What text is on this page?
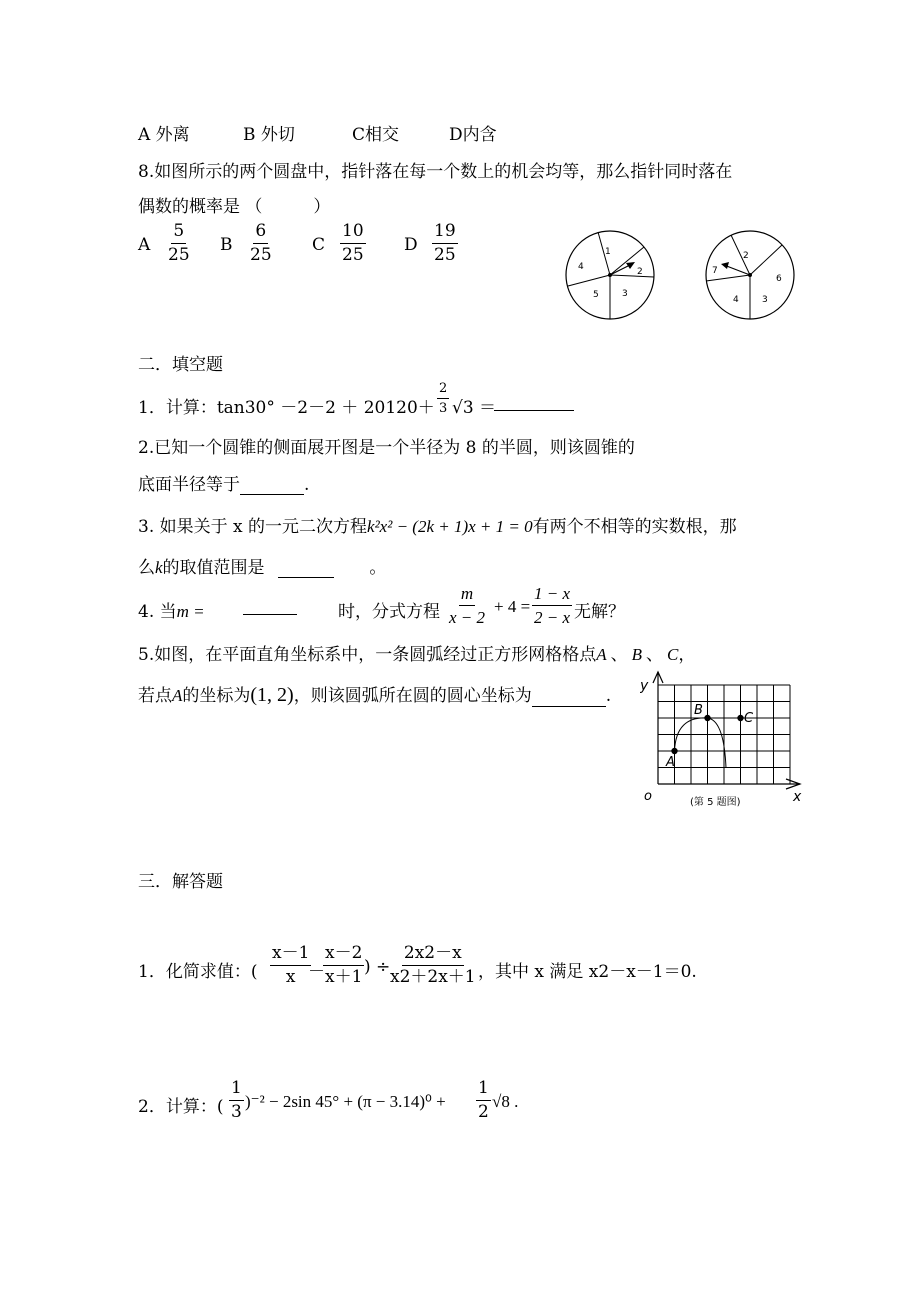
A 外离	B 外切	C相交	D内含
8.如图所示的两个圆盘中，指针落在每一个数上的机会均等，那么指针同时落在
偶数的概率是 （　　　）
A $\frac{5}{25}$ B $\frac{6}{25}$ C $\frac{10}{25}$ D $\frac{19}{25}$	1
2
3
5
4
2
6
3
4
7
二．填空题
1．计算：$\tan 30^\circ -2-2 + 20120+ \frac{2}{3} √3$ ＝
2.已知一个圆锥的侧面展开图是一个半径为 8 的半圆，则该圆锥的
底面半径等于	.
3. 如果关于 x 的一元二次方程k²x² − (2k + 1)x + 1 = 0有两个不相等的实数根，那
么k的取值范围是	。
4. 当m =	时，分式方程 $\frac{m}{x - 2} + 4 = \frac{1 - x}{2 - x}$ 无解？
5.如图，在平面直角坐标系中，一条圆弧经过正方形网格格点A 、 B 、 C，
若点A的坐标为(1, 2)，则该圆弧所在圆的圆心坐标为	.
A
B
C
o	x
y
(第 5 题图)
三．解答题
1．化简求值：( $\frac{x-1}{x}$
－
$\frac{x-2}{x+1}$ ) ÷ $\frac{2x2-x}{x2+2x+1}$ ，其中 x 满足 x2－x－1＝0.
2．计算：( $\frac{1}{3} )^{-2} - 2\sin$ $45^\circ + (\pi - 3.14)^0 + \frac{1}{2} √8$ .
